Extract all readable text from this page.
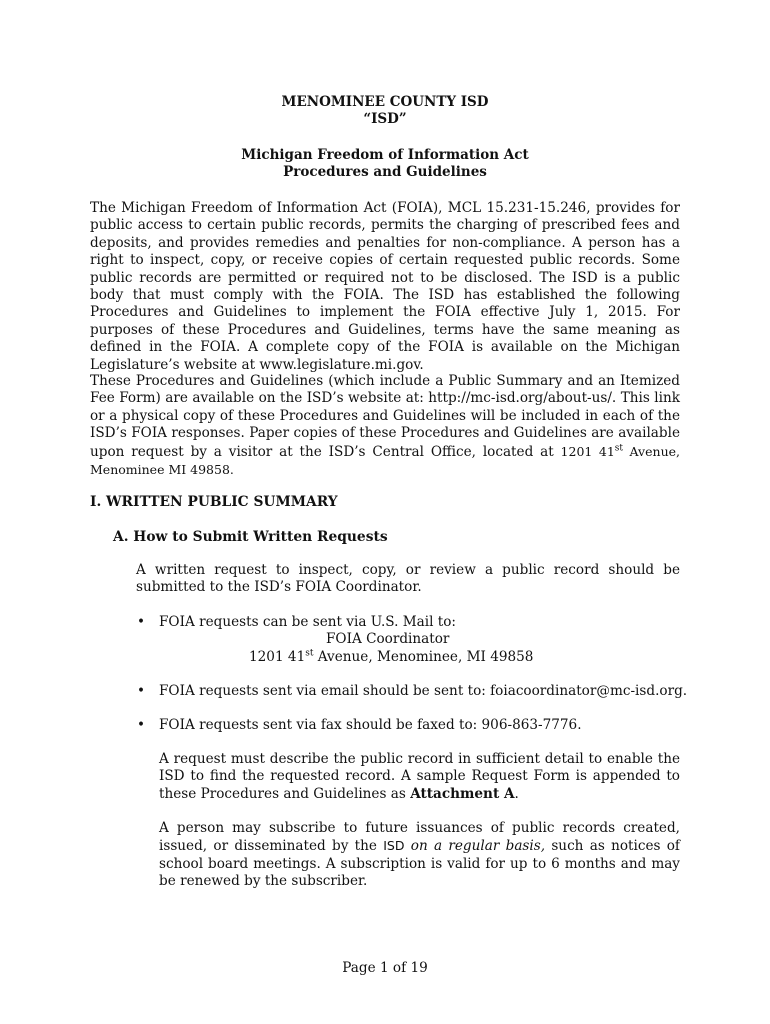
MENOMINEE COUNTY ISD
“ISD”
Michigan Freedom of Information Act
Procedures and Guidelines
The Michigan Freedom of Information Act (FOIA), MCL 15.231-15.246, provides for public access to certain public records, permits the charging of prescribed fees and deposits, and provides remedies and penalties for non-compliance. A person has a right to inspect, copy, or receive copies of certain requested public records. Some public records are permitted or required not to be disclosed. The ISD is a public body that must comply with the FOIA. The ISD has established the following Procedures and Guidelines to implement the FOIA effective July 1, 2015. For purposes of these Procedures and Guidelines, terms have the same meaning as defined in the FOIA. A complete copy of the FOIA is available on the Michigan Legislature’s website at www.legislature.mi.gov.
These Procedures and Guidelines (which include a Public Summary and an Itemized Fee Form) are available on the ISD’s website at: http://mc-isd.org/about-us/. This link or a physical copy of these Procedures and Guidelines will be included in each of the ISD’s FOIA responses. Paper copies of these Procedures and Guidelines are available upon request by a visitor at the ISD’s Central Office, located at 1201 41st Avenue, Menominee MI 49858.
I. WRITTEN PUBLIC SUMMARY
A. How to Submit Written Requests
A written request to inspect, copy, or review a public record should be submitted to the ISD’s FOIA Coordinator.
• FOIA requests can be sent via U.S. Mail to:
FOIA Coordinator
1201 41st Avenue, Menominee, MI 49858
• FOIA requests sent via email should be sent to: foiacoordinator@mc-isd.org.
• FOIA requests sent via fax should be faxed to: 906-863-7776.
A request must describe the public record in sufficient detail to enable the ISD to find the requested record. A sample Request Form is appended to these Procedures and Guidelines as Attachment A.
A person may subscribe to future issuances of public records created, issued, or disseminated by the ISD on a regular basis, such as notices of school board meetings. A subscription is valid for up to 6 months and may be renewed by the subscriber.
Page 1 of 19
